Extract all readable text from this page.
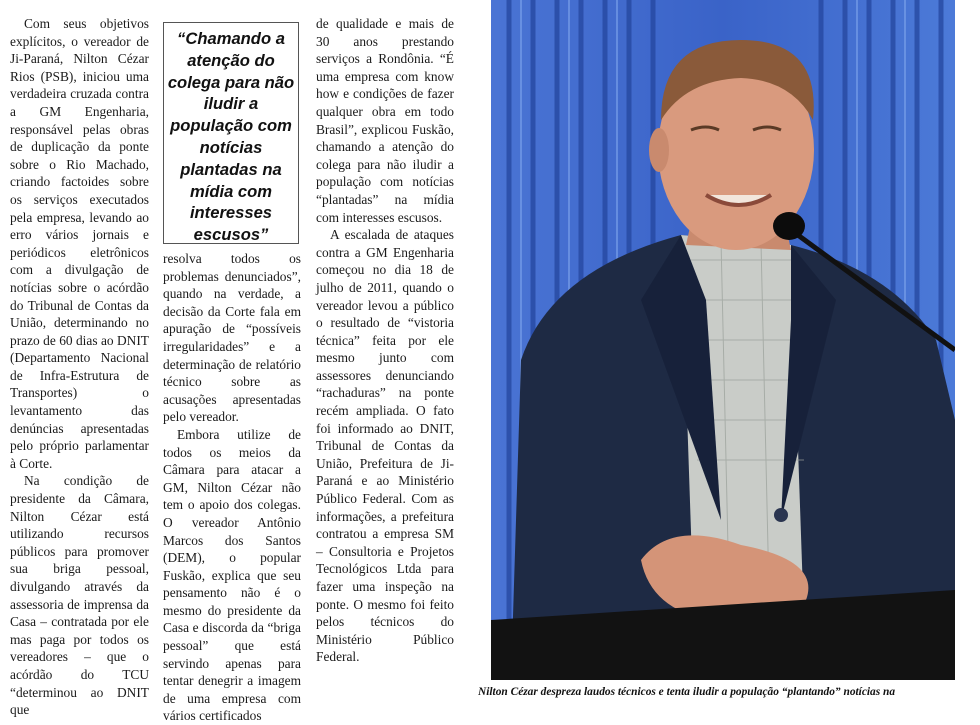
Com seus objetivos explícitos, o vereador de Ji-Paraná, Nilton Cézar Rios (PSB), iniciou uma verdadeira cruzada contra a GM Engenharia, responsável pelas obras de duplicação da ponte sobre o Rio Machado, criando factoides sobre os serviços executados pela empresa, levando ao erro vários jornais e periódicos eletrônicos com a divulgação de notícias sobre o acórdão do Tribunal de Contas da União, determinando no prazo de 60 dias ao DNIT (Departamento Nacional de Infra-Estrutura de Transportes) o levantamento das denúncias apresentadas pelo próprio parlamentar à Corte.

Na condição de presidente da Câmara, Nilton Cézar está utilizando recursos públicos para promover sua briga pessoal, divulgando através da assessoria de imprensa da Casa – contratada por ele mas paga por todos os vereadores – que o acórdão do TCU “determinou ao DNIT que

“Chamando a atenção do colega para não iludir a população com notícias plantadas na mídia com interesses escusos”

resolva todos os problemas denunciados”, quando na verdade, a decisão da Corte fala em apuração de “possíveis irregularidades” e a determinação de relatório técnico sobre as acusações apresentadas pelo vereador.

Embora utilize de todos os meios da Câmara para atacar a GM, Nilton Cézar não tem o apoio dos colegas. O vereador Antônio Marcos dos Santos (DEM), o popular Fuskão, explica que seu pensamento não é o mesmo do presidente da Casa e discorda da “briga pessoal” que está servindo apenas para tentar denegrir a imagem de uma empresa com vários certificados

de qualidade e mais de 30 anos prestando serviços a Rondônia. “É uma empresa com know how e condições de fazer qualquer obra em todo Brasil”, explicou Fuskão, chamando a atenção do colega para não iludir a população com notícias “plantadas” na mídia com interesses escusos.

A escalada de ataques contra a GM Engenharia começou no dia 18 de julho de 2011, quando o vereador levou a público o resultado de “vistoria técnica” feita por ele mesmo junto com assessores denunciando “rachaduras” na ponte recém ampliada. O fato foi informado ao DNIT, Tribunal de Contas da União, Prefeitura de Ji-Paraná e ao Ministério Público Federal. Com as informações, a prefeitura contratou a empresa SM – Consultoria e Projetos Tecnológicos Ltda para fazer uma inspeção na ponte. O mesmo foi feito pelos técnicos do Ministério Público Federal.

Nilton Cézar despreza laudos técnicos e tenta iludir a população “plantando” notícias na
